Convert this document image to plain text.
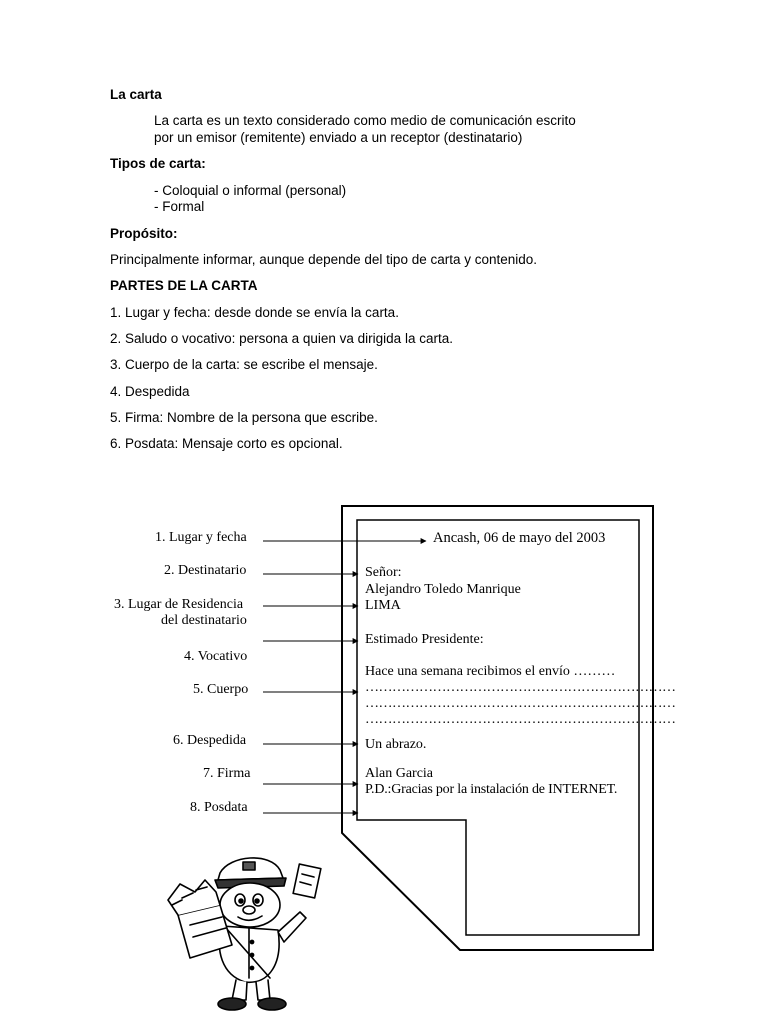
La carta
La carta es un texto considerado como medio de comunicación escrito
por un emisor (remitente) enviado a un receptor (destinatario)
Tipos de carta:
- Coloquial o informal (personal)
- Formal
Propósito:
Principalmente informar, aunque depende del tipo de carta y contenido.
PARTES DE LA CARTA
1. Lugar y fecha: desde donde se envía la carta.
2. Saludo o vocativo: persona a quien va dirigida la carta.
3. Cuerpo de la carta: se escribe el mensaje.
4. Despedida
5. Firma: Nombre de la persona que escribe.
6. Posdata: Mensaje corto es opcional.
1. Lugar y fecha
2. Destinatario
3. Lugar de Residencia
del destinatario
4. Vocativo
5. Cuerpo
6. Despedida
7. Firma
8. Posdata
Ancash, 06 de mayo del 2003
Señor:
Alejandro Toledo Manrique
LIMA
Estimado Presidente:
Hace una semana recibimos el envío ………
……………………………………………………………
……………………………………………………………
……………………………………………………………
Un abrazo.
Alan Garcia
P.D.:Gracias por la instalación de INTERNET.
